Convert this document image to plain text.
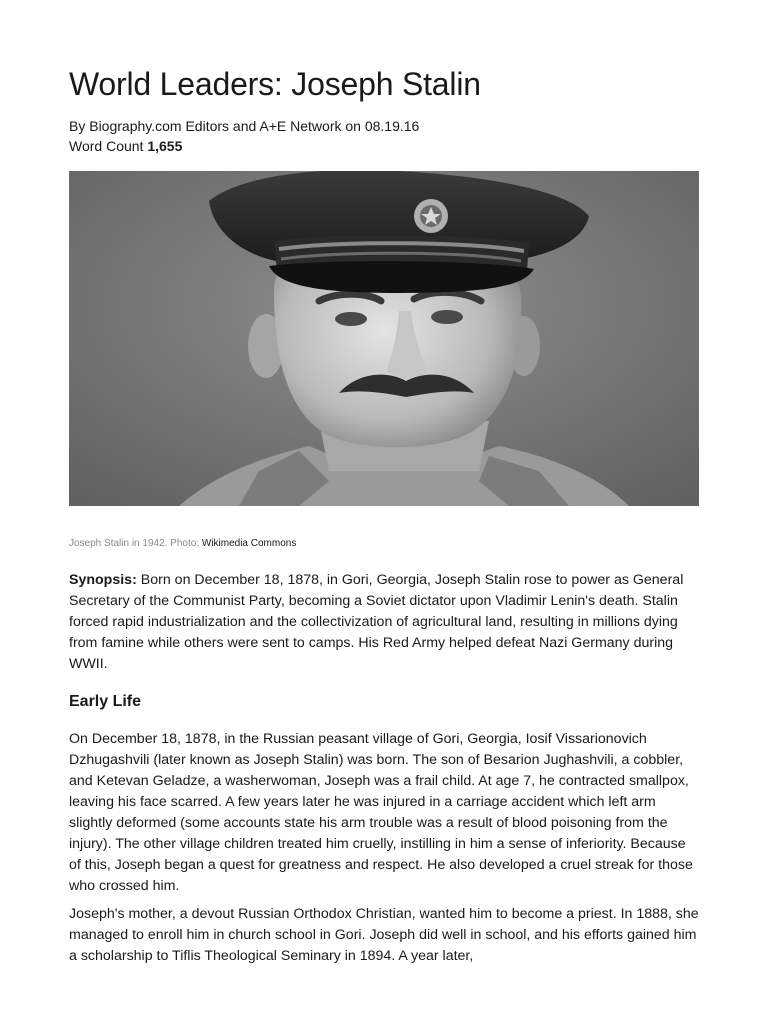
World Leaders: Joseph Stalin
By Biography.com Editors and A+E Network on 08.19.16
Word Count 1,655
Joseph Stalin in 1942. Photo: Wikimedia Commons

Synopsis: Born on December 18, 1878, in Gori, Georgia, Joseph Stalin rose to power as General Secretary of the Communist Party, becoming a Soviet dictator upon Vladimir Lenin's death. Stalin forced rapid industrialization and the collectivization of agricultural land, resulting in millions dying from famine while others were sent to camps. His Red Army helped defeat Nazi Germany during WWII.

Early Life

On December 18, 1878, in the Russian peasant village of Gori, Georgia, Iosif Vissarionovich Dzhugashvili (later known as Joseph Stalin) was born. The son of Besarion Jughashvili, a cobbler, and Ketevan Geladze, a washerwoman, Joseph was a frail child. At age 7, he contracted smallpox, leaving his face scarred. A few years later he was injured in a carriage accident which left arm slightly deformed (some accounts state his arm trouble was a result of blood poisoning from the injury). The other village children treated him cruelly, instilling in him a sense of inferiority. Because of this, Joseph began a quest for greatness and respect. He also developed a cruel streak for those who crossed him.

Joseph's mother, a devout Russian Orthodox Christian, wanted him to become a priest. In 1888, she managed to enroll him in church school in Gori. Joseph did well in school, and his efforts gained him a scholarship to Tiflis Theological Seminary in 1894. A year later,
